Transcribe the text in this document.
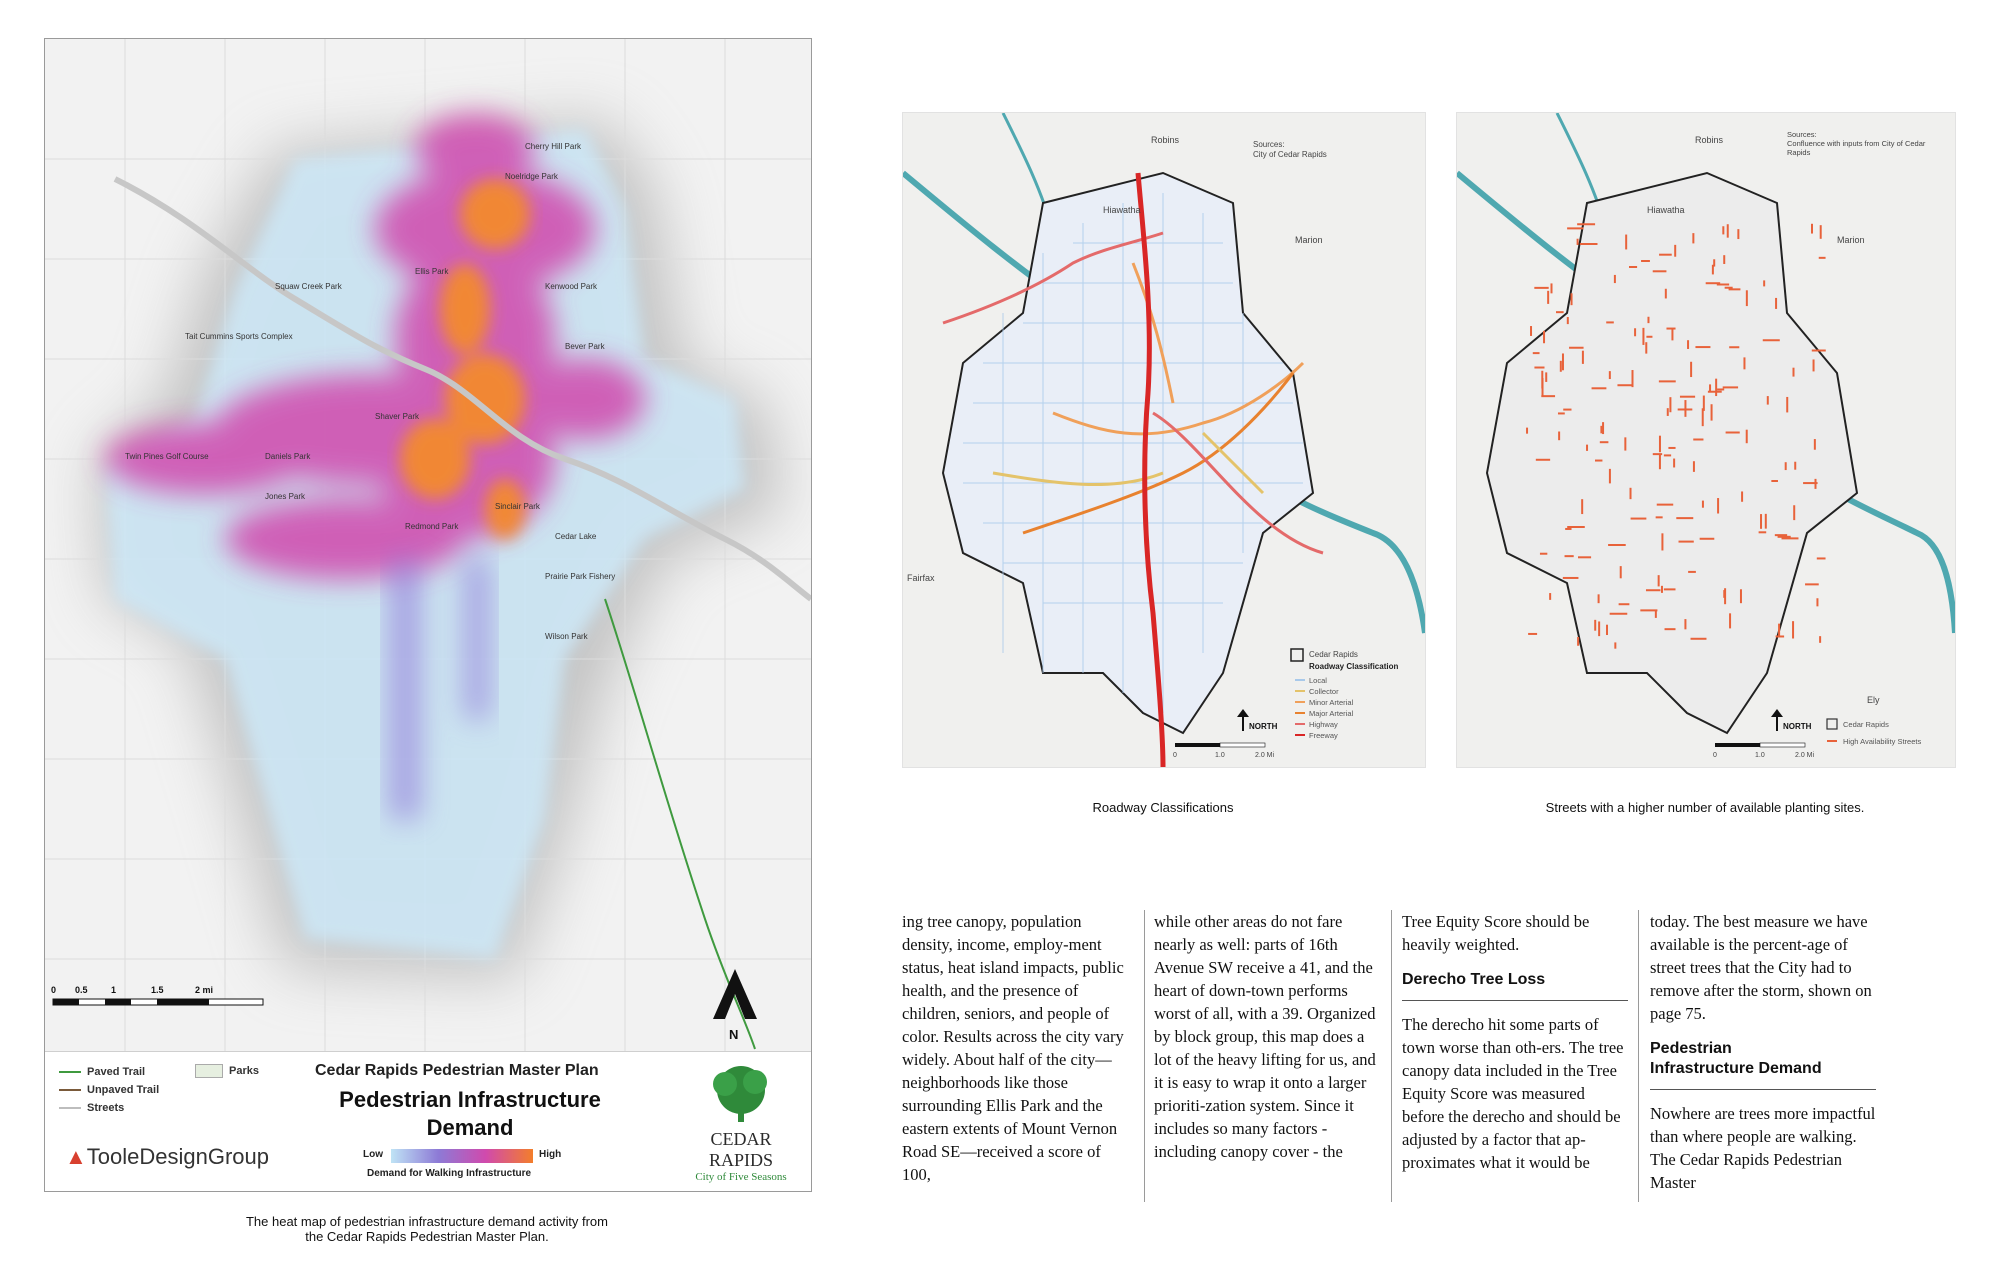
Ellis Park
Noelridge Park
Cherry Hill Park
Jones Park
Sinclair Park
Tait Cummins Sports Complex
Redmond Park
Twin Pines Golf Course
Cedar Lake
Shaver Park
Prairie Park Fishery
Squaw Creek Park	Kenwood Park
Bever Park
Daniels Park
Wilson Park
0 0.5	1	1.5	2 mi
N
Paved Trail
Unpaved Trail
Streets
Parks	Cedar Rapids Pedestrian Master Plan
Pedestrian Infrastructure
Demand
Low	High
Demand for Walking Infrastructure
▲TooleDesignGroup
CEDAR RAPIDS
City of Five Seasons
The heat map of pedestrian infrastructure demand activity from
the Cedar Rapids Pedestrian Master Plan.
Robins
Hiawatha
Marion
Fairfax
Sources:
City of Cedar Rapids
Cedar Rapids
Roadway Classification
Local
Collector
Minor Arterial
Major Arterial
Highway
Freeway
0	1.0	2.0 Mi
NORTH
Roadway Classifications
Robins
Hiawatha
Marion
Ely
Sources:
Confluence with inputs from City of Cedar
Rapids
Cedar Rapids
High Availability Streets
0	1.0	2.0 Mi
NORTH
Streets with a higher number of available planting sites.

ing tree canopy, population density, income, employ-ment status, heat island impacts, public health, and the presence of children, seniors, and people of color. Results across the city vary widely. About half of the city—neighborhoods like those surrounding Ellis Park and the eastern extents of Mount Vernon Road SE—received a score of 100,

while other areas do not fare nearly as well: parts of 16th Avenue SW receive a 41, and the heart of down-town performs worst of all, with a 39. Organized by block group, this map does a lot of the heavy lifting for us, and it is easy to wrap it onto a larger prioriti-zation system. Since it includes so many factors - including canopy cover - the

Tree Equity Score should be heavily weighted.

Derecho Tree Loss

The derecho hit some parts of town worse than oth-ers. The tree canopy data included in the Tree Equity Score was measured before the derecho and should be adjusted by a factor that ap-proximates what it would be

today. The best measure we have available is the percent-age of street trees that the City had to remove after the storm, shown on page 75.

Pedestrian
Infrastructure Demand

Nowhere are trees more impactful than where people are walking. The Cedar Rapids Pedestrian Master
